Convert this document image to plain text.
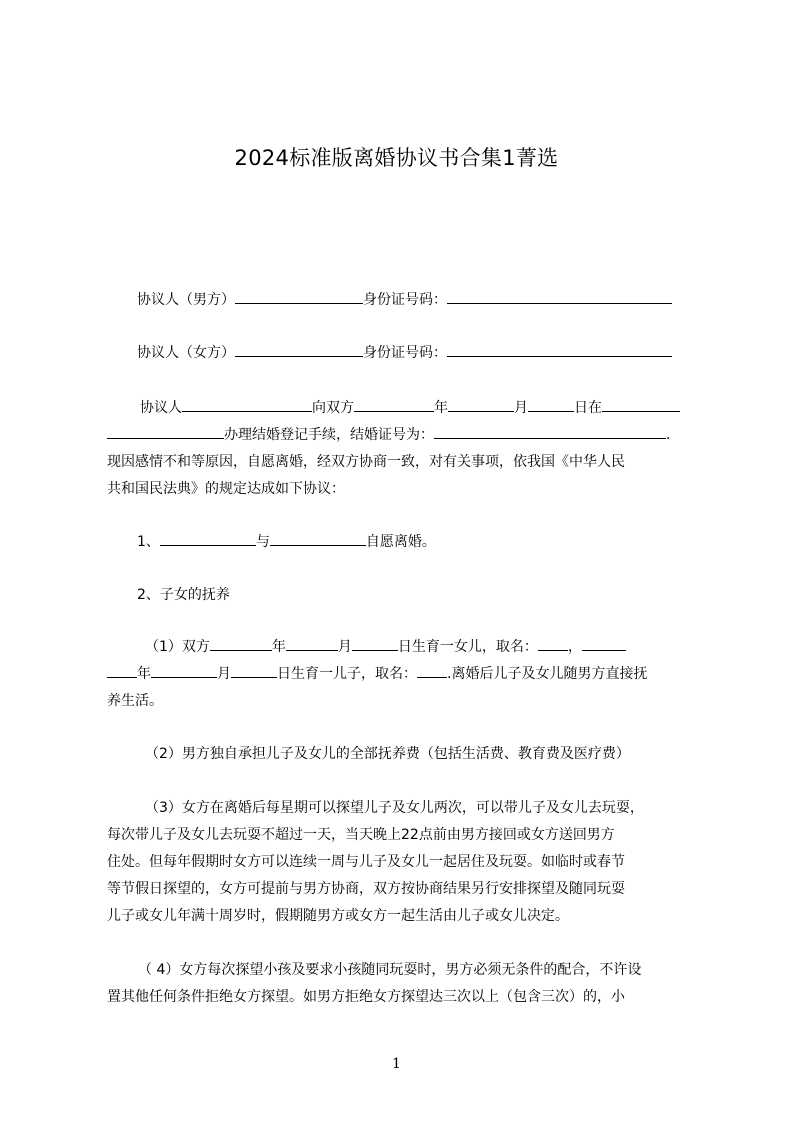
2024标准版离婚协议书合集1菁选

协议人（男方）	身份证号码：

协议人（女方）	身份证号码：

协议人	向双方	年	月	日在

办理结婚登记手续，结婚证号为：	.

现因感情不和等原因，自愿离婚，经双方协商一致，对有关事项，依我国《中华人民

共和国民法典》的规定达成如下协议：

1、	与	自愿离婚。

2、子女的抚养

（1）双方	年	月	日生育一女儿，取名： ，

年	月	日生育一儿子，取名： .离婚后儿子及女儿随男方直接抚

养生活。

（2）男方独自承担儿子及女儿的全部抚养费（包括生活费、教育费及医疗费）

（3）女方在离婚后每星期可以探望儿子及女儿两次，可以带儿子及女儿去玩耍，

每次带儿子及女儿去玩耍不超过一天，当天晚上22点前由男方接回或女方送回男方

住处。但每年假期时女方可以连续一周与儿子及女儿一起居住及玩耍。如临时或春节

等节假日探望的，女方可提前与男方协商，双方按协商结果另行安排探望及随同玩耍

儿子或女儿年满十周岁时，假期随男方或女方一起生活由儿子或女儿决定。

（ 4）女方每次探望小孩及要求小孩随同玩耍时，男方必须无条件的配合，不许设

置其他任何条件拒绝女方探望。如男方拒绝女方探望达三次以上（包含三次）的，小

1
